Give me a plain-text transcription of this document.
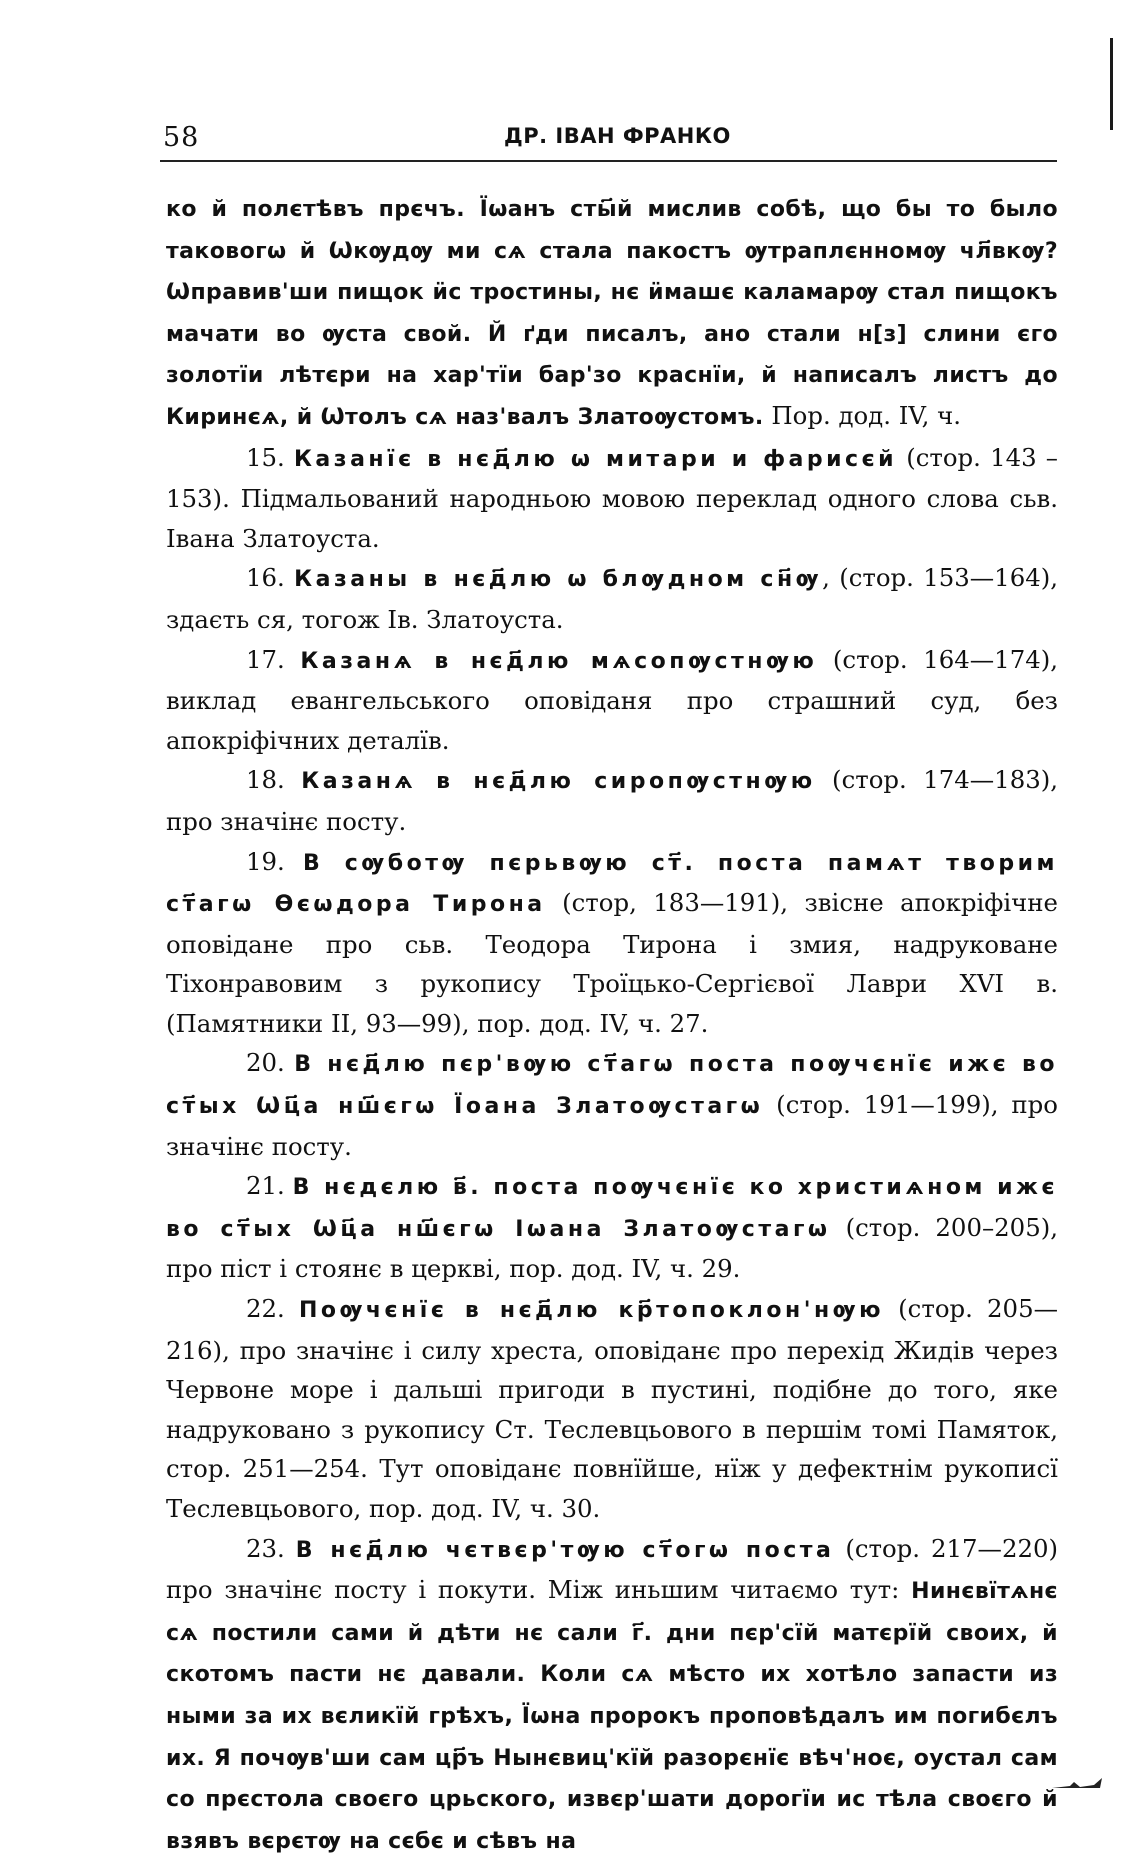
58	ДР. ІВАН ФРАНКО

ко й полєтѣвъ прєчъ. Їѡанъ сты҃й мислив собѣ, що бы то было таковогѡ й Ѡкѹдѹ ми сѧ стала пакостъ ѹтраплєнномѹ чл҃вкѹ? Ѡправив'ши пищок ӥс тростины, нє ӥмашє каламарѹ стал пищокъ мачати во ѹста свой. Й ґди писалъ, ано стали н[з] слини єго золотїи лѣтєри на хар'тїи бар'зо краснїи, й написалъ листъ до Киринєѧ, й Ѡтолъ сѧ наз'валъ Златоѹстомъ. Пор. дод. IV, ч.

15. Казанїє в нєд҃лю ѡ митари и фарисєй (стор. 143 – 153). Підмальований народньою мовою переклад одного слова сьв. Івана Златоуста.

16. Казаны в нєд҃лю ѡ блѹдном сн҃ѹ, (стор. 153—164), здаєть ся, тогож Ів. Златоуста.

17. Казанѧ в нєд҃лю мѧсопѹстнѹю (стор. 164—174), виклад евангельського оповіданя про страшний суд, без апокріфічних деталїв.

18. Казанѧ в нєд҃лю сиропѹстнѹю (стор. 174—183), про значінє посту.

19. В сѹботѹ пєрьвѹю ст҃. поста памѧт творим ст҃агѡ Ѳєѡдора Тирона (стор, 183—191), звісне апокріфічне оповідане про сьв. Теодора Тирона і змия, надруковане Тіхонравовим з рукопису Троїцько-Сергієвої Лаври XVI в. (Памятники II, 93—99), пор. дод. IV, ч. 27.

20. В нєд҃лю пєр'вѹю ст҃агѡ поста поѹчєнїє ижє во ст҃ых Ѡц҃а нш҃єгѡ Їоана Златоѹстагѡ (стор. 191—199), про значінє посту.

21. В нєдєлю в҃. поста поѹчєнїє ко христиѧном ижє во ст҃ых Ѡц҃а нш҃єгѡ Іѡана Златоѹстагѡ (стор. 200–205), про піст і стоянє в церкві, пор. дод. IV, ч. 29.

22. Поѹчєнїє в нєд҃лю кр҃топоклон'нѹю (стор. 205—216), про значінє і силу хреста, оповіданє про перехід Жидів через Червоне море і дальші пригоди в пустині, подібне до того, яке надруковано з рукопису Ст. Теслевцьового в першім томі Памяток, стор. 251—254. Тут оповіданє повнїйше, нїж у дефектнім рукописї Теслевцьового, пор. дод. IV, ч. 30.

23. В нєд҃лю чєтвєр'тѹю ст҃огѡ поста (стор. 217—220) про значінє посту і покути. Між иньшим читаємо тут: Нинєвїтѧнє сѧ постили сами й дѣти нє сали г҃. дни пєр'сїй матєрїй своих, й скотомъ пасти нє давали. Коли сѧ мѣсто их хотѣло запасти из ными за их вєликїй грѣхъ, Їѡна пророкъ проповѣдалъ им погибєлъ их. Я почѹв'ши сам цр҃ъ Нынєвиц'кїй разорєнїє вѣч'ноє, оустал сам со прєстола своєго црьского, извєр'шати дорогїи ис тѣла своєго й взявъ вєрєтѹ на сєбє и сѣвъ на
